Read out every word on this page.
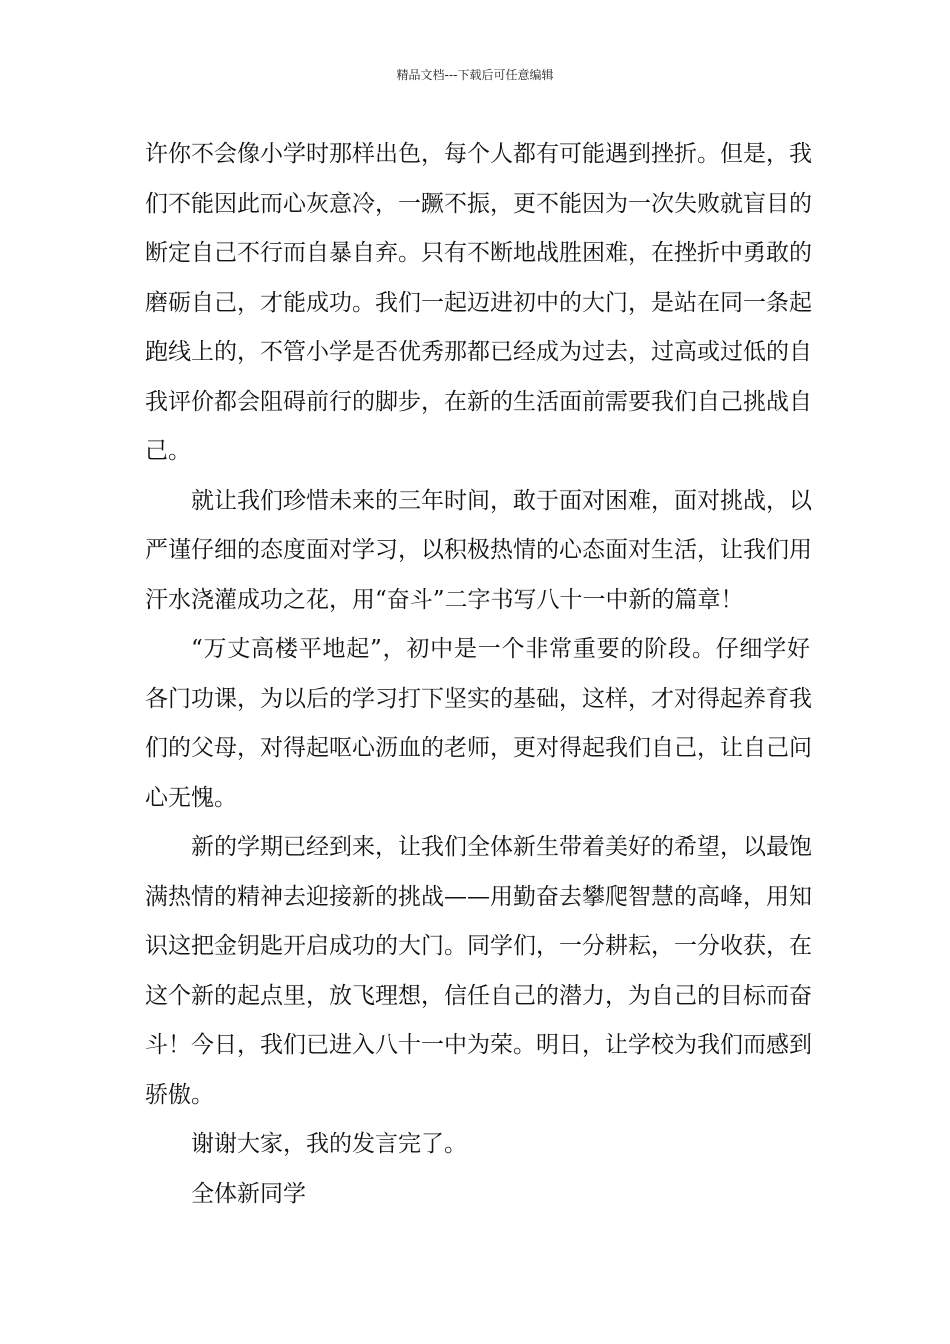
精品文档---下载后可任意编辑
许你不会像小学时那样出色，每个人都有可能遇到挫折。但是，我
们不能因此而心灰意冷，一蹶不振，更不能因为一次失败就盲目的
断定自己不行而自暴自弃。只有不断地战胜困难，在挫折中勇敢的
磨砺自己，才能成功。我们一起迈进初中的大门，是站在同一条起
跑线上的，不管小学是否优秀那都已经成为过去，过高或过低的自
我评价都会阻碍前行的脚步，在新的生活面前需要我们自己挑战自
己。
就让我们珍惜未来的三年时间，敢于面对困难，面对挑战，以
严谨仔细的态度面对学习，以积极热情的心态面对生活，让我们用
汗水浇灌成功之花，用“奋斗”二字书写八十一中新的篇章！
“万丈高楼平地起”，初中是一个非常重要的阶段。仔细学好
各门功课，为以后的学习打下坚实的基础，这样，才对得起养育我
们的父母，对得起呕心沥血的老师，更对得起我们自己，让自己问
心无愧。
新的学期已经到来，让我们全体新生带着美好的希望，以最饱
满热情的精神去迎接新的挑战——用勤奋去攀爬智慧的高峰，用知
识这把金钥匙开启成功的大门。同学们，一分耕耘，一分收获，在
这个新的起点里，放飞理想，信任自己的潜力，为自己的目标而奋
斗！今日，我们已进入八十一中为荣。明日，让学校为我们而感到
骄傲。
谢谢大家，我的发言完了。
全体新同学
